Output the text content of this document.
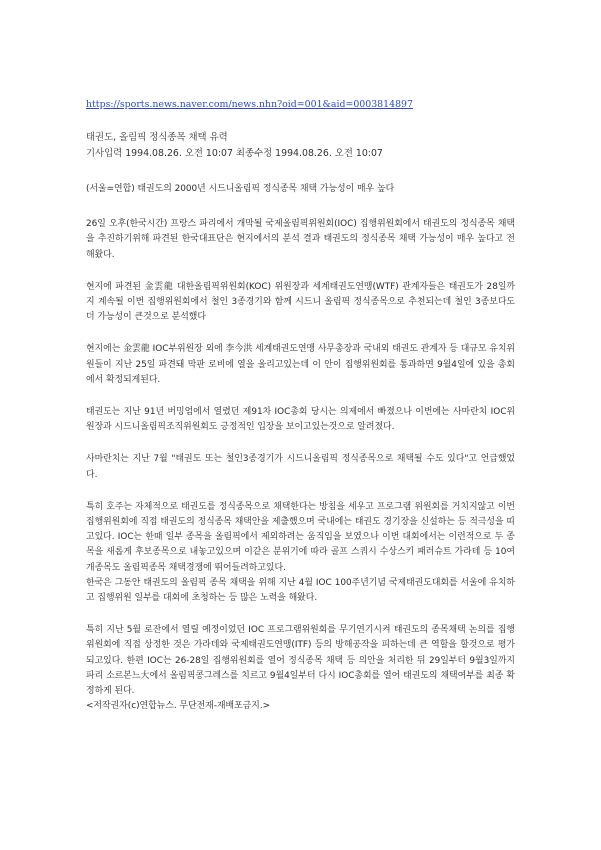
https://sports.news.naver.com/news.nhn?oid=001&aid=0003814897
태권도, 올림픽 정식종목 채택 유력
기사입력 1994.08.26. 오전 10:07 최종수정 1994.08.26. 오전 10:07

(서울=연합) 태권도의 2000년 시드니올림픽 정식종목 채택 가능성이 매우 높다

26일 오후(한국시간) 프랑스 파리에서 개막될 국제올림픽위원회(IOC) 집행위원회에서 태권도의 정식종목 채택을 추진하기위해 파견된 한국대표단은 현지에서의 분석 결과 태권도의 정식종목 채택 가능성이 매우 높다고 전해왔다.

현지에 파견된 金雲龍 대한올림픽위원회(KOC) 위원장과 세계태권도연맹(WTF) 관계자들은 태권도가 28일까지 계속될 이번 집행위원회에서 철인 3종경기와 함께 시드니 올림픽 정식종목으로 추천되는데 철인 3종보다도 더 가능성이 큰것으로 분석했다

현지에는 金雲龍 IOC부위원장 외에 李今洪 세계태권도연맹 사무총장과 국내외 태권도 관계자 등 대규모 유치위원들이 지난 25일 파견돼 막판 로비에 열을 올리고있는데 이 안이 집행위원회를 통과하면 9월4일에 있을 총회에서 확정되게된다.

태권도는 지난 91년 버밍엄에서 열렸던 제91차 IOC총회 당시는 의제에서 빠졌으나 이번에는 사마란치 IOC위원장과 시드니올림픽조직위원회도 긍정적인 입장을 보이고있는것으로 알려졌다.

사마란치는 지난 7월 "태권도 또는 철인3종경기가 시드니올림픽 정식종목으로 채택될 수도 있다"고 언급했었다.

특히 호주는 자체적으로 태권도를 정식종목으로 채택한다는 방침을 세우고 프로그램 위원회를 거치지않고 이번 집행위원회에 직접 태권도의 정식종목 채택안을 제출했으며 국내에는 태권도 경기장을 신설하는 등 적극성을 띠고있다. IOC는 한때 일부 종목을 올림픽에서 제외하려는 움직임을 보였으나 이번 대회에서는 이런적으로 두 종목을 새롭게 후보종목으로 내놓고있으며 이같은 분위기에 따라 골프 스쿼시 수상스키 패러슈트 가라테 등 10여개종목도 올림픽종목 채택경쟁에 뛰어들려하고있다.

한국은 그동안 태권도의 올림픽 종목 채택을 위해 지난 4월 IOC 100주년기념 국제태권도대회를 서울에 유치하고 집행위원 일부를 대회에 초청하는 등 많은 노력을 해왔다.

특히 지난 5월 로잔에서 열릴 예정이었던 IOC 프로그램위원회를 무기연기시켜 태권도의 종목채택 논의를 집행위원회에 직접 상정한 것은 가라데와 국제태권도연맹(ITF) 등의 방해공작을 피하는데 큰 역할을 할것으로 평가되고있다. 한편 IOC는 26-28일 집행위원회를 열어 정식종목 채택 등 의안을 처리한 뒤 29일부터 9월3일까지 파리 소르본느大에서 올림픽콩그레스를 치르고 9월4일부터 다시 IOC총회를 열어 태권도의 채택여부를 최종 확정하게 된다.

<저작권자(c)연합뉴스. 무단전재-재배포금지.>
